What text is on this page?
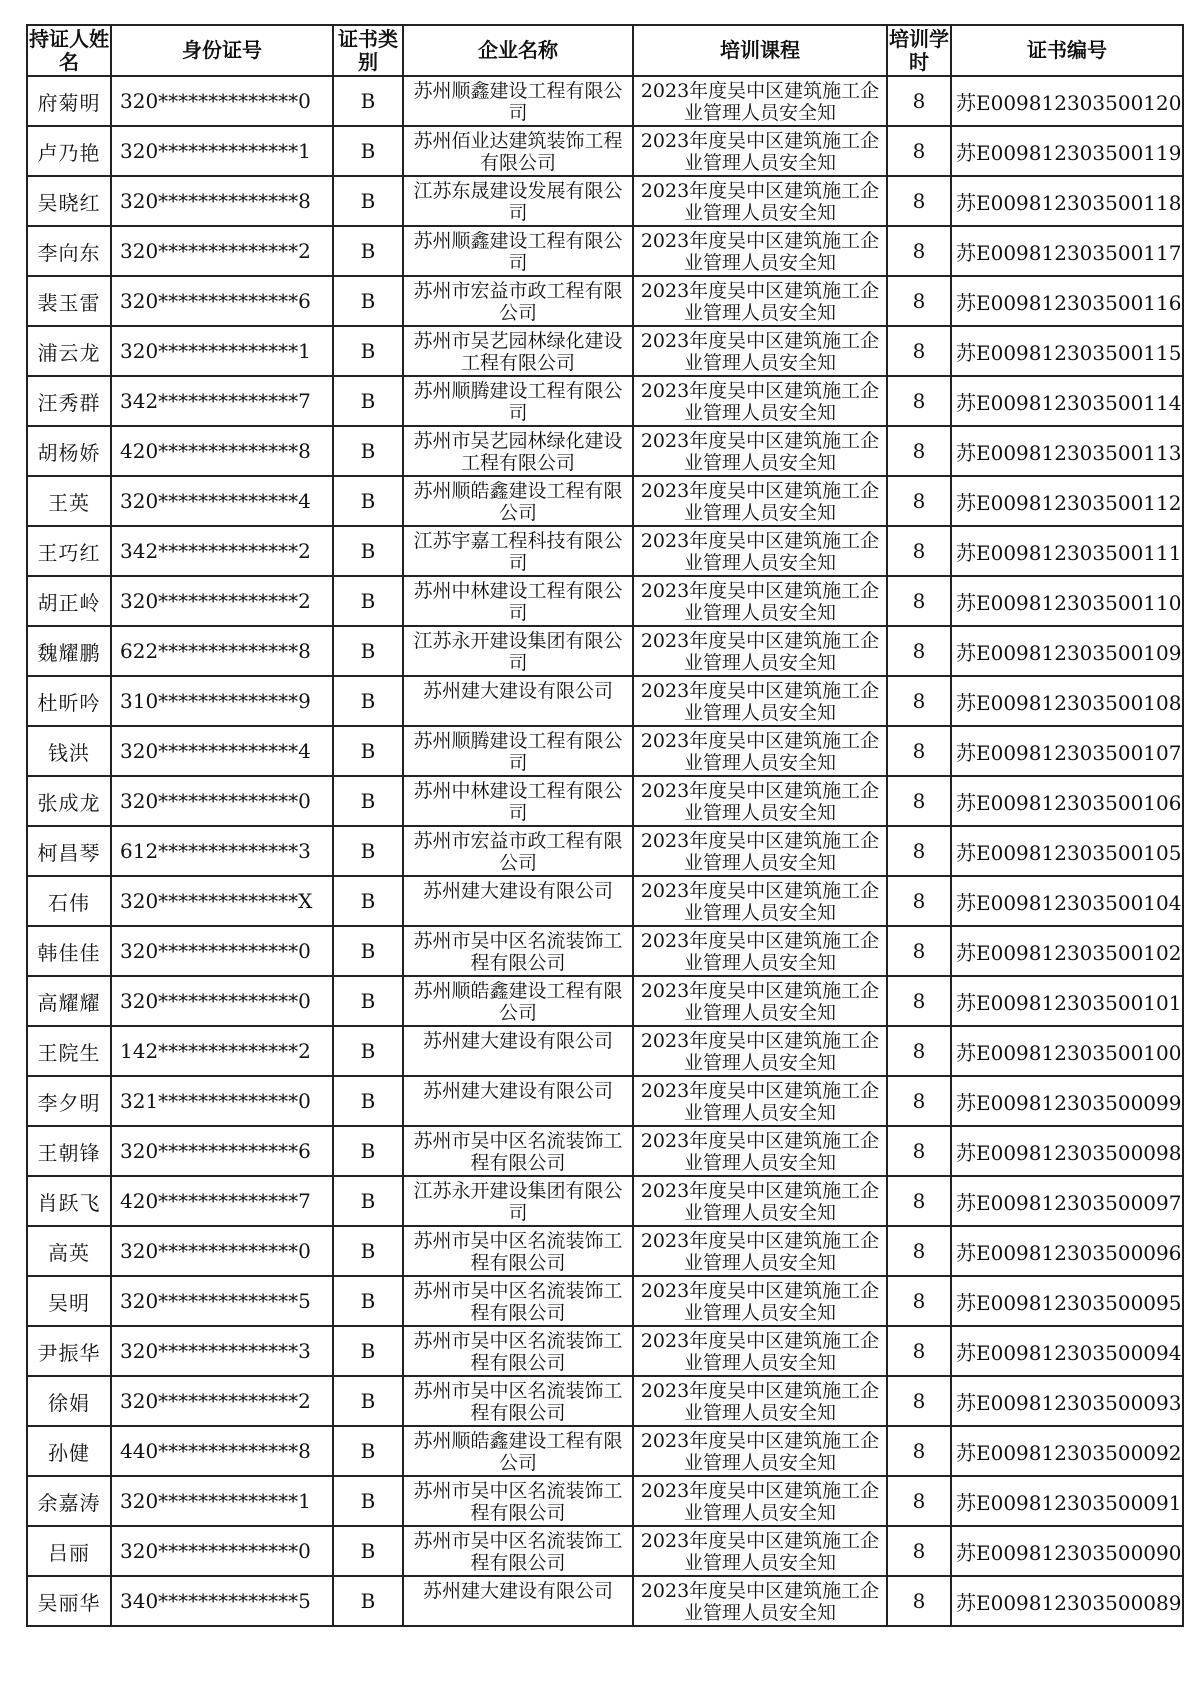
持证人姓名	身份证号	证书类别	企业名称	培训课程	培训学时	证书编号
府菊明	320**************0	B	苏州顺鑫建设工程有限公司	2023年度吴中区建筑施工企业管理人员安全知	8	苏E009812303500120
卢乃艳	320**************1	B	苏州佰业达建筑装饰工程有限公司	2023年度吴中区建筑施工企业管理人员安全知	8	苏E009812303500119
吴晓红	320**************8	B	江苏东晟建设发展有限公司	2023年度吴中区建筑施工企业管理人员安全知	8	苏E009812303500118
李向东	320**************2	B	苏州顺鑫建设工程有限公司	2023年度吴中区建筑施工企业管理人员安全知	8	苏E009812303500117
裴玉雷	320**************6	B	苏州市宏益市政工程有限公司	2023年度吴中区建筑施工企业管理人员安全知	8	苏E009812303500116
浦云龙	320**************1	B	苏州市吴艺园林绿化建设工程有限公司	2023年度吴中区建筑施工企业管理人员安全知	8	苏E009812303500115
汪秀群	342**************7	B	苏州顺腾建设工程有限公司	2023年度吴中区建筑施工企业管理人员安全知	8	苏E009812303500114
胡杨娇	420**************8	B	苏州市吴艺园林绿化建设工程有限公司	2023年度吴中区建筑施工企业管理人员安全知	8	苏E009812303500113
王英	320**************4	B	苏州顺皓鑫建设工程有限公司	2023年度吴中区建筑施工企业管理人员安全知	8	苏E009812303500112
王巧红	342**************2	B	江苏宇嘉工程科技有限公司	2023年度吴中区建筑施工企业管理人员安全知	8	苏E009812303500111
胡正岭	320**************2	B	苏州中林建设工程有限公司	2023年度吴中区建筑施工企业管理人员安全知	8	苏E009812303500110
魏耀鹏	622**************8	B	江苏永开建设集团有限公司	2023年度吴中区建筑施工企业管理人员安全知	8	苏E009812303500109
杜昕吟	310**************9	B	苏州建大建设有限公司	2023年度吴中区建筑施工企业管理人员安全知	8	苏E009812303500108
钱洪	320**************4	B	苏州顺腾建设工程有限公司	2023年度吴中区建筑施工企业管理人员安全知	8	苏E009812303500107
张成龙	320**************0	B	苏州中林建设工程有限公司	2023年度吴中区建筑施工企业管理人员安全知	8	苏E009812303500106
柯昌琴	612**************3	B	苏州市宏益市政工程有限公司	2023年度吴中区建筑施工企业管理人员安全知	8	苏E009812303500105
石伟	320**************X	B	苏州建大建设有限公司	2023年度吴中区建筑施工企业管理人员安全知	8	苏E009812303500104
韩佳佳	320**************0	B	苏州市吴中区名流装饰工程有限公司	2023年度吴中区建筑施工企业管理人员安全知	8	苏E009812303500102
高耀耀	320**************0	B	苏州顺皓鑫建设工程有限公司	2023年度吴中区建筑施工企业管理人员安全知	8	苏E009812303500101
王院生	142**************2	B	苏州建大建设有限公司	2023年度吴中区建筑施工企业管理人员安全知	8	苏E009812303500100
李夕明	321**************0	B	苏州建大建设有限公司	2023年度吴中区建筑施工企业管理人员安全知	8	苏E009812303500099
王朝锋	320**************6	B	苏州市吴中区名流装饰工程有限公司	2023年度吴中区建筑施工企业管理人员安全知	8	苏E009812303500098
肖跃飞	420**************7	B	江苏永开建设集团有限公司	2023年度吴中区建筑施工企业管理人员安全知	8	苏E009812303500097
高英	320**************0	B	苏州市吴中区名流装饰工程有限公司	2023年度吴中区建筑施工企业管理人员安全知	8	苏E009812303500096
吴明	320**************5	B	苏州市吴中区名流装饰工程有限公司	2023年度吴中区建筑施工企业管理人员安全知	8	苏E009812303500095
尹振华	320**************3	B	苏州市吴中区名流装饰工程有限公司	2023年度吴中区建筑施工企业管理人员安全知	8	苏E009812303500094
徐娟	320**************2	B	苏州市吴中区名流装饰工程有限公司	2023年度吴中区建筑施工企业管理人员安全知	8	苏E009812303500093
孙健	440**************8	B	苏州顺皓鑫建设工程有限公司	2023年度吴中区建筑施工企业管理人员安全知	8	苏E009812303500092
余嘉涛	320**************1	B	苏州市吴中区名流装饰工程有限公司	2023年度吴中区建筑施工企业管理人员安全知	8	苏E009812303500091
吕丽	320**************0	B	苏州市吴中区名流装饰工程有限公司	2023年度吴中区建筑施工企业管理人员安全知	8	苏E009812303500090
吴丽华	340**************5	B	苏州建大建设有限公司	2023年度吴中区建筑施工企业管理人员安全知	8	苏E009812303500089
